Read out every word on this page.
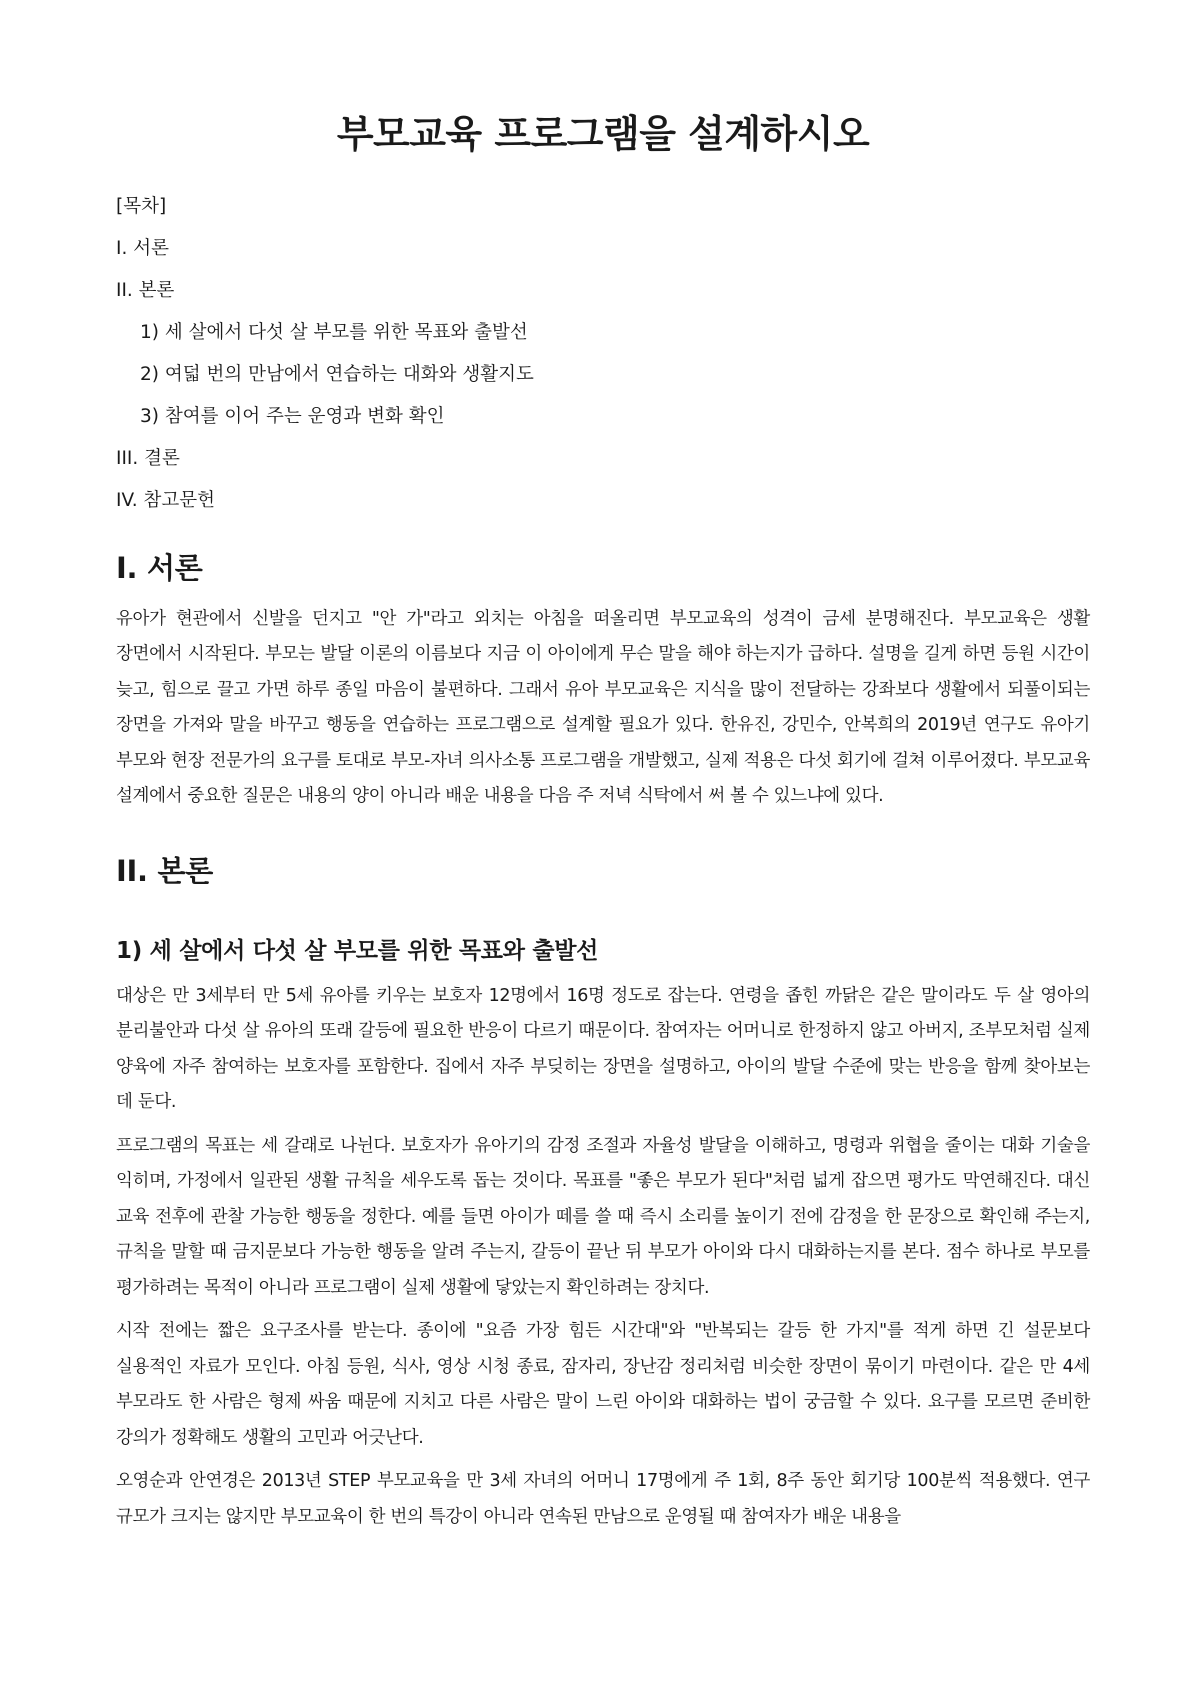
부모교육 프로그램을 설계하시오
[목차]
I. 서론
II. 본론
1) 세 살에서 다섯 살 부모를 위한 목표와 출발선
2) 여덟 번의 만남에서 연습하는 대화와 생활지도
3) 참여를 이어 주는 운영과 변화 확인
III. 결론
IV. 참고문헌
I. 서론

유아가 현관에서 신발을 던지고 "안 가"라고 외치는 아침을 떠올리면 부모교육의 성격이 금세 분명해진다. 부모교육은 생활 장면에서 시작된다. 부모는 발달 이론의 이름보다 지금 이 아이에게 무슨 말을 해야 하는지가 급하다. 설명을 길게 하면 등원 시간이 늦고, 힘으로 끌고 가면 하루 종일 마음이 불편하다. 그래서 유아 부모교육은 지식을 많이 전달하는 강좌보다 생활에서 되풀이되는 장면을 가져와 말을 바꾸고 행동을 연습하는 프로그램으로 설계할 필요가 있다. 한유진, 강민수, 안복희의 2019년 연구도 유아기 부모와 현장 전문가의 요구를 토대로 부모-자녀 의사소통 프로그램을 개발했고, 실제 적용은 다섯 회기에 걸쳐 이루어졌다. 부모교육 설계에서 중요한 질문은 내용의 양이 아니라 배운 내용을 다음 주 저녁 식탁에서 써 볼 수 있느냐에 있다.

II. 본론
1) 세 살에서 다섯 살 부모를 위한 목표와 출발선

대상은 만 3세부터 만 5세 유아를 키우는 보호자 12명에서 16명 정도로 잡는다. 연령을 좁힌 까닭은 같은 말이라도 두 살 영아의 분리불안과 다섯 살 유아의 또래 갈등에 필요한 반응이 다르기 때문이다. 참여자는 어머니로 한정하지 않고 아버지, 조부모처럼 실제 양육에 자주 참여하는 보호자를 포함한다. 집에서 자주 부딪히는 장면을 설명하고, 아이의 발달 수준에 맞는 반응을 함께 찾아보는 데 둔다.

프로그램의 목표는 세 갈래로 나뉜다. 보호자가 유아기의 감정 조절과 자율성 발달을 이해하고, 명령과 위협을 줄이는 대화 기술을 익히며, 가정에서 일관된 생활 규칙을 세우도록 돕는 것이다. 목표를 "좋은 부모가 된다"처럼 넓게 잡으면 평가도 막연해진다. 대신 교육 전후에 관찰 가능한 행동을 정한다. 예를 들면 아이가 떼를 쓸 때 즉시 소리를 높이기 전에 감정을 한 문장으로 확인해 주는지, 규칙을 말할 때 금지문보다 가능한 행동을 알려 주는지, 갈등이 끝난 뒤 부모가 아이와 다시 대화하는지를 본다. 점수 하나로 부모를 평가하려는 목적이 아니라 프로그램이 실제 생활에 닿았는지 확인하려는 장치다.

시작 전에는 짧은 요구조사를 받는다. 종이에 "요즘 가장 힘든 시간대"와 "반복되는 갈등 한 가지"를 적게 하면 긴 설문보다 실용적인 자료가 모인다. 아침 등원, 식사, 영상 시청 종료, 잠자리, 장난감 정리처럼 비슷한 장면이 묶이기 마련이다. 같은 만 4세 부모라도 한 사람은 형제 싸움 때문에 지치고 다른 사람은 말이 느린 아이와 대화하는 법이 궁금할 수 있다. 요구를 모르면 준비한 강의가 정확해도 생활의 고민과 어긋난다.

오영순과 안연경은 2013년 STEP 부모교육을 만 3세 자녀의 어머니 17명에게 주 1회, 8주 동안 회기당 100분씩 적용했다. 연구 규모가 크지는 않지만 부모교육이 한 번의 특강이 아니라 연속된 만남으로 운영될 때 참여자가 배운 내용을
